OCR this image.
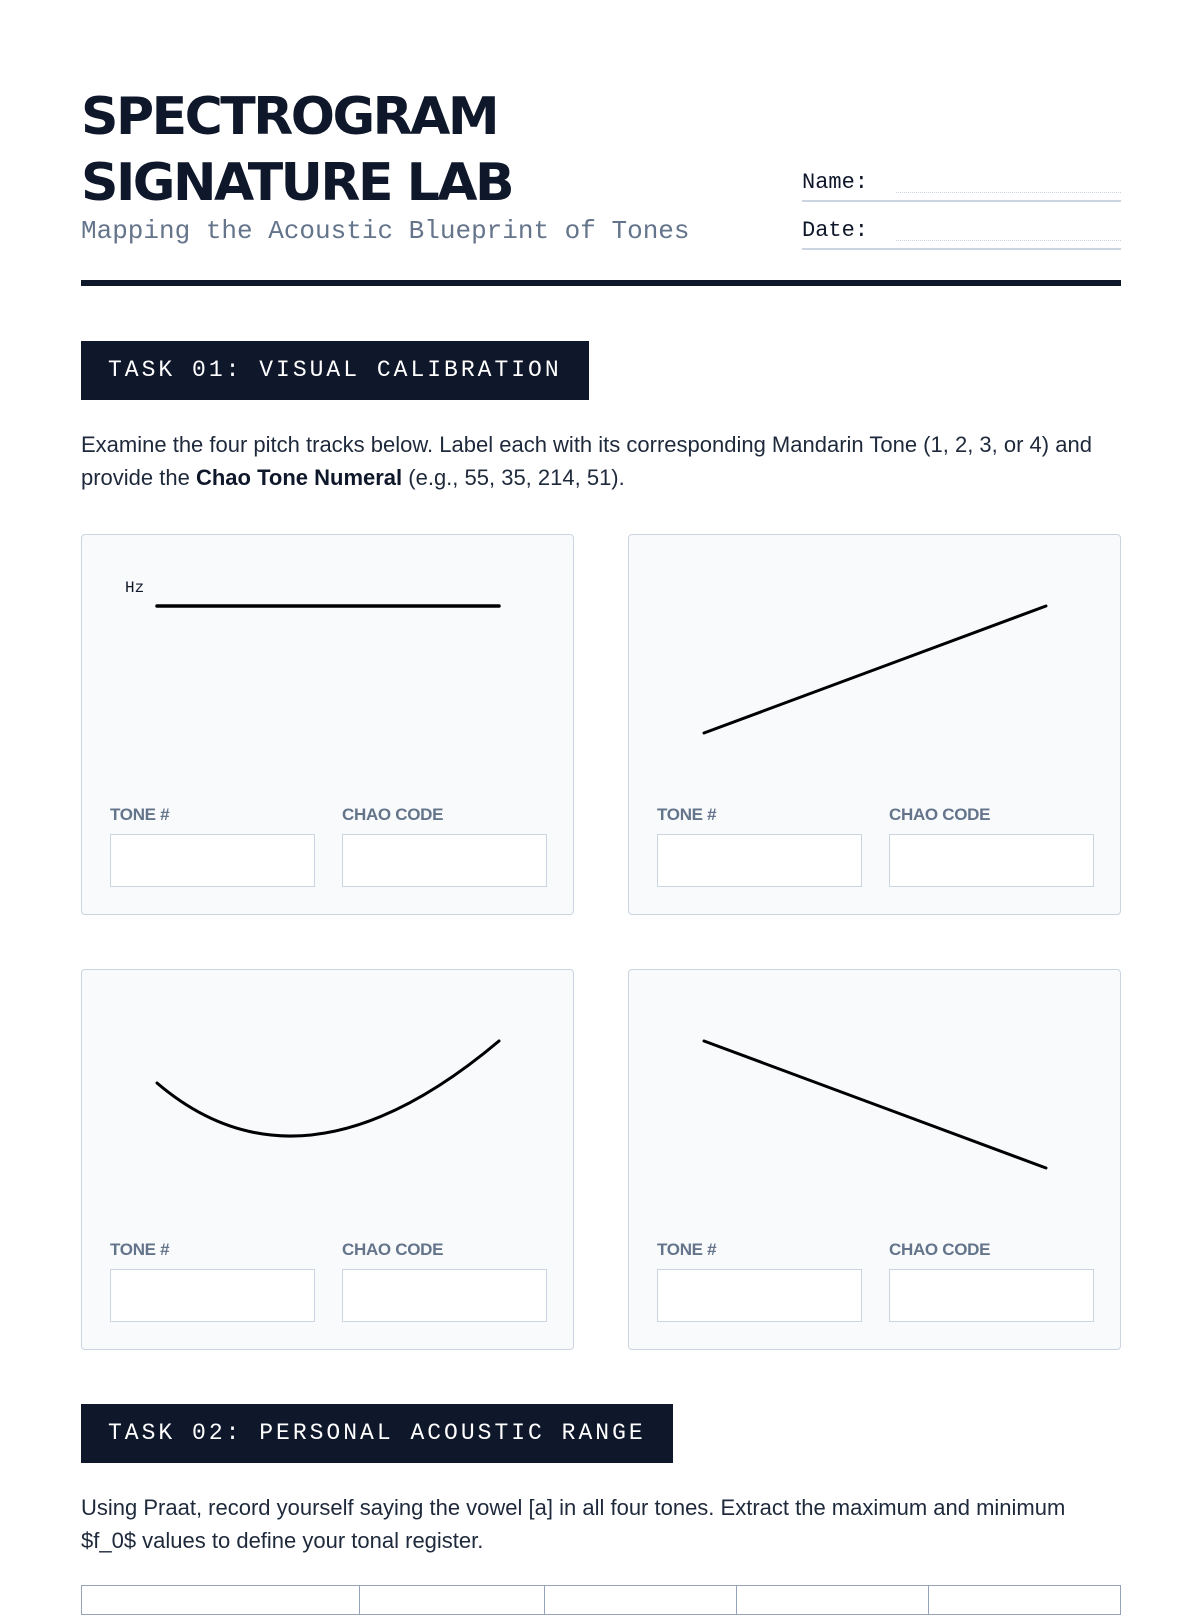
SPECTROGRAM
SIGNATURE LAB

Mapping the Acoustic Blueprint of Tones

Name:
Date:
TASK 01: VISUAL CALIBRATION

Examine the four pitch tracks below. Label each with its corresponding Mandarin Tone (1, 2, 3, or 4) and provide the Chao Tone Numeral (e.g., 55, 35, 214, 51).

Hz
TONE #	CHAO CODE	TONE #	CHAO CODE
TONE #	CHAO CODE	TONE #	CHAO CODE
TASK 02: PERSONAL ACOUSTIC RANGE

Using Praat, record yourself saying the vowel [a] in all four tones. Extract the maximum and minimum $f_0$ values to define your tonal register.
